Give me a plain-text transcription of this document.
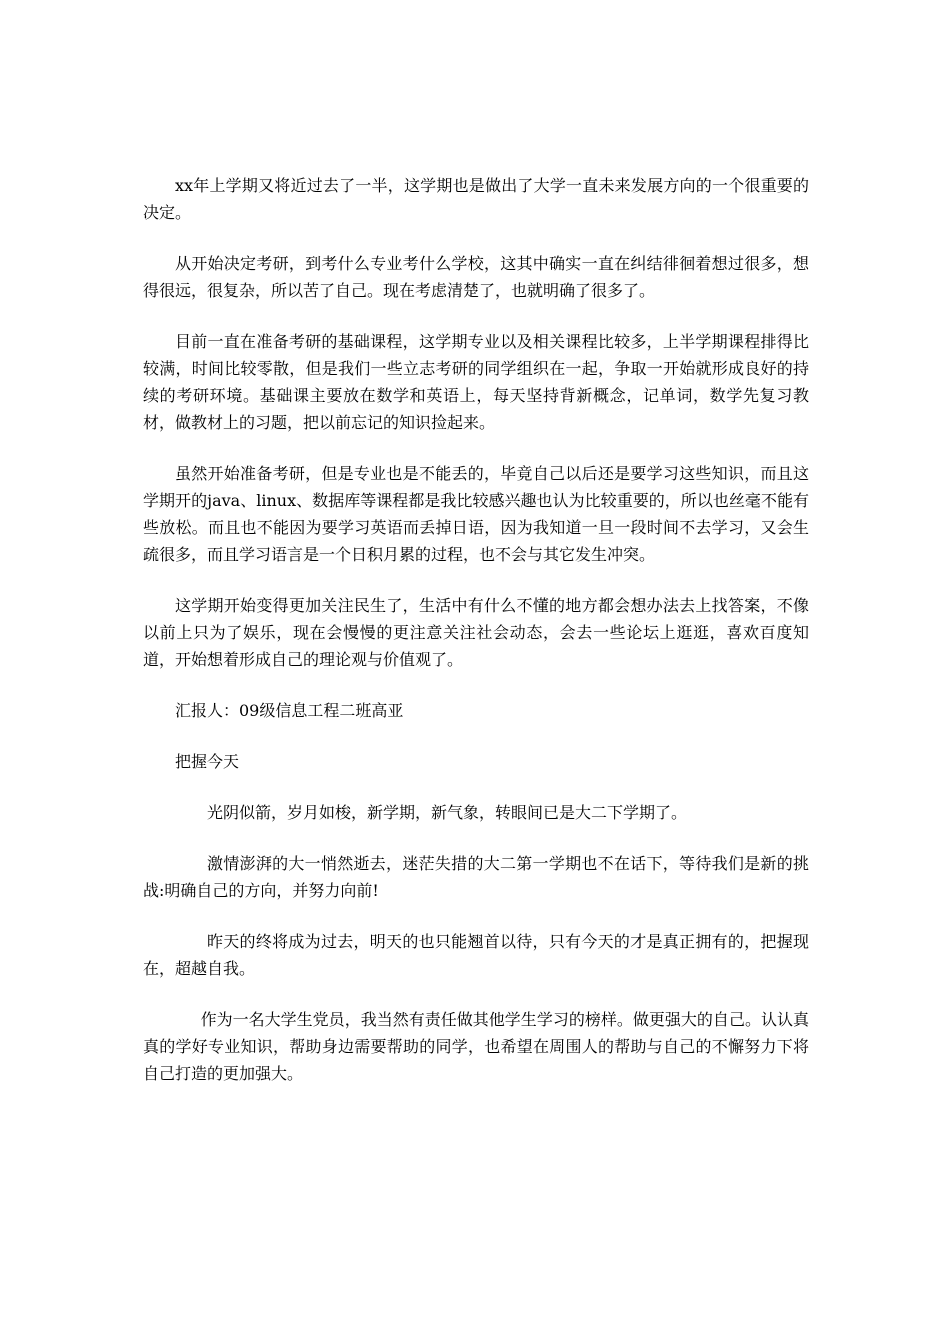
xx年上学期又将近过去了一半，这学期也是做出了大学一直未来发展方向的一个很重要的决定。

从开始决定考研，到考什么专业考什么学校，这其中确实一直在纠结徘徊着想过很多，想得很远，很复杂，所以苦了自己。现在考虑清楚了，也就明确了很多了。

目前一直在准备考研的基础课程，这学期专业以及相关课程比较多，上半学期课程排得比较满，时间比较零散，但是我们一些立志考研的同学组织在一起，争取一开始就形成良好的持续的考研环境。基础课主要放在数学和英语上，每天坚持背新概念，记单词，数学先复习教材，做教材上的习题，把以前忘记的知识捡起来。

虽然开始准备考研，但是专业也是不能丢的，毕竟自己以后还是要学习这些知识，而且这学期开的java、linux、数据库等课程都是我比较感兴趣也认为比较重要的，所以也丝毫不能有些放松。而且也不能因为要学习英语而丢掉日语，因为我知道一旦一段时间不去学习，又会生疏很多，而且学习语言是一个日积月累的过程，也不会与其它发生冲突。

这学期开始变得更加关注民生了，生活中有什么不懂的地方都会想办法去上找答案，不像以前上只为了娱乐，现在会慢慢的更注意关注社会动态，会去一些论坛上逛逛，喜欢百度知道，开始想着形成自己的理论观与价值观了。

汇报人：09级信息工程二班高亚

把握今天

光阴似箭，岁月如梭，新学期，新气象，转眼间已是大二下学期了。

激情澎湃的大一悄然逝去，迷茫失措的大二第一学期也不在话下，等待我们是新的挑战:明确自己的方向，并努力向前!

昨天的终将成为过去，明天的也只能翘首以待，只有今天的才是真正拥有的，把握现在，超越自我。

作为一名大学生党员，我当然有责任做其他学生学习的榜样。做更强大的自己。认认真真的学好专业知识，帮助身边需要帮助的同学，也希望在周围人的帮助与自己的不懈努力下将自己打造的更加强大。
